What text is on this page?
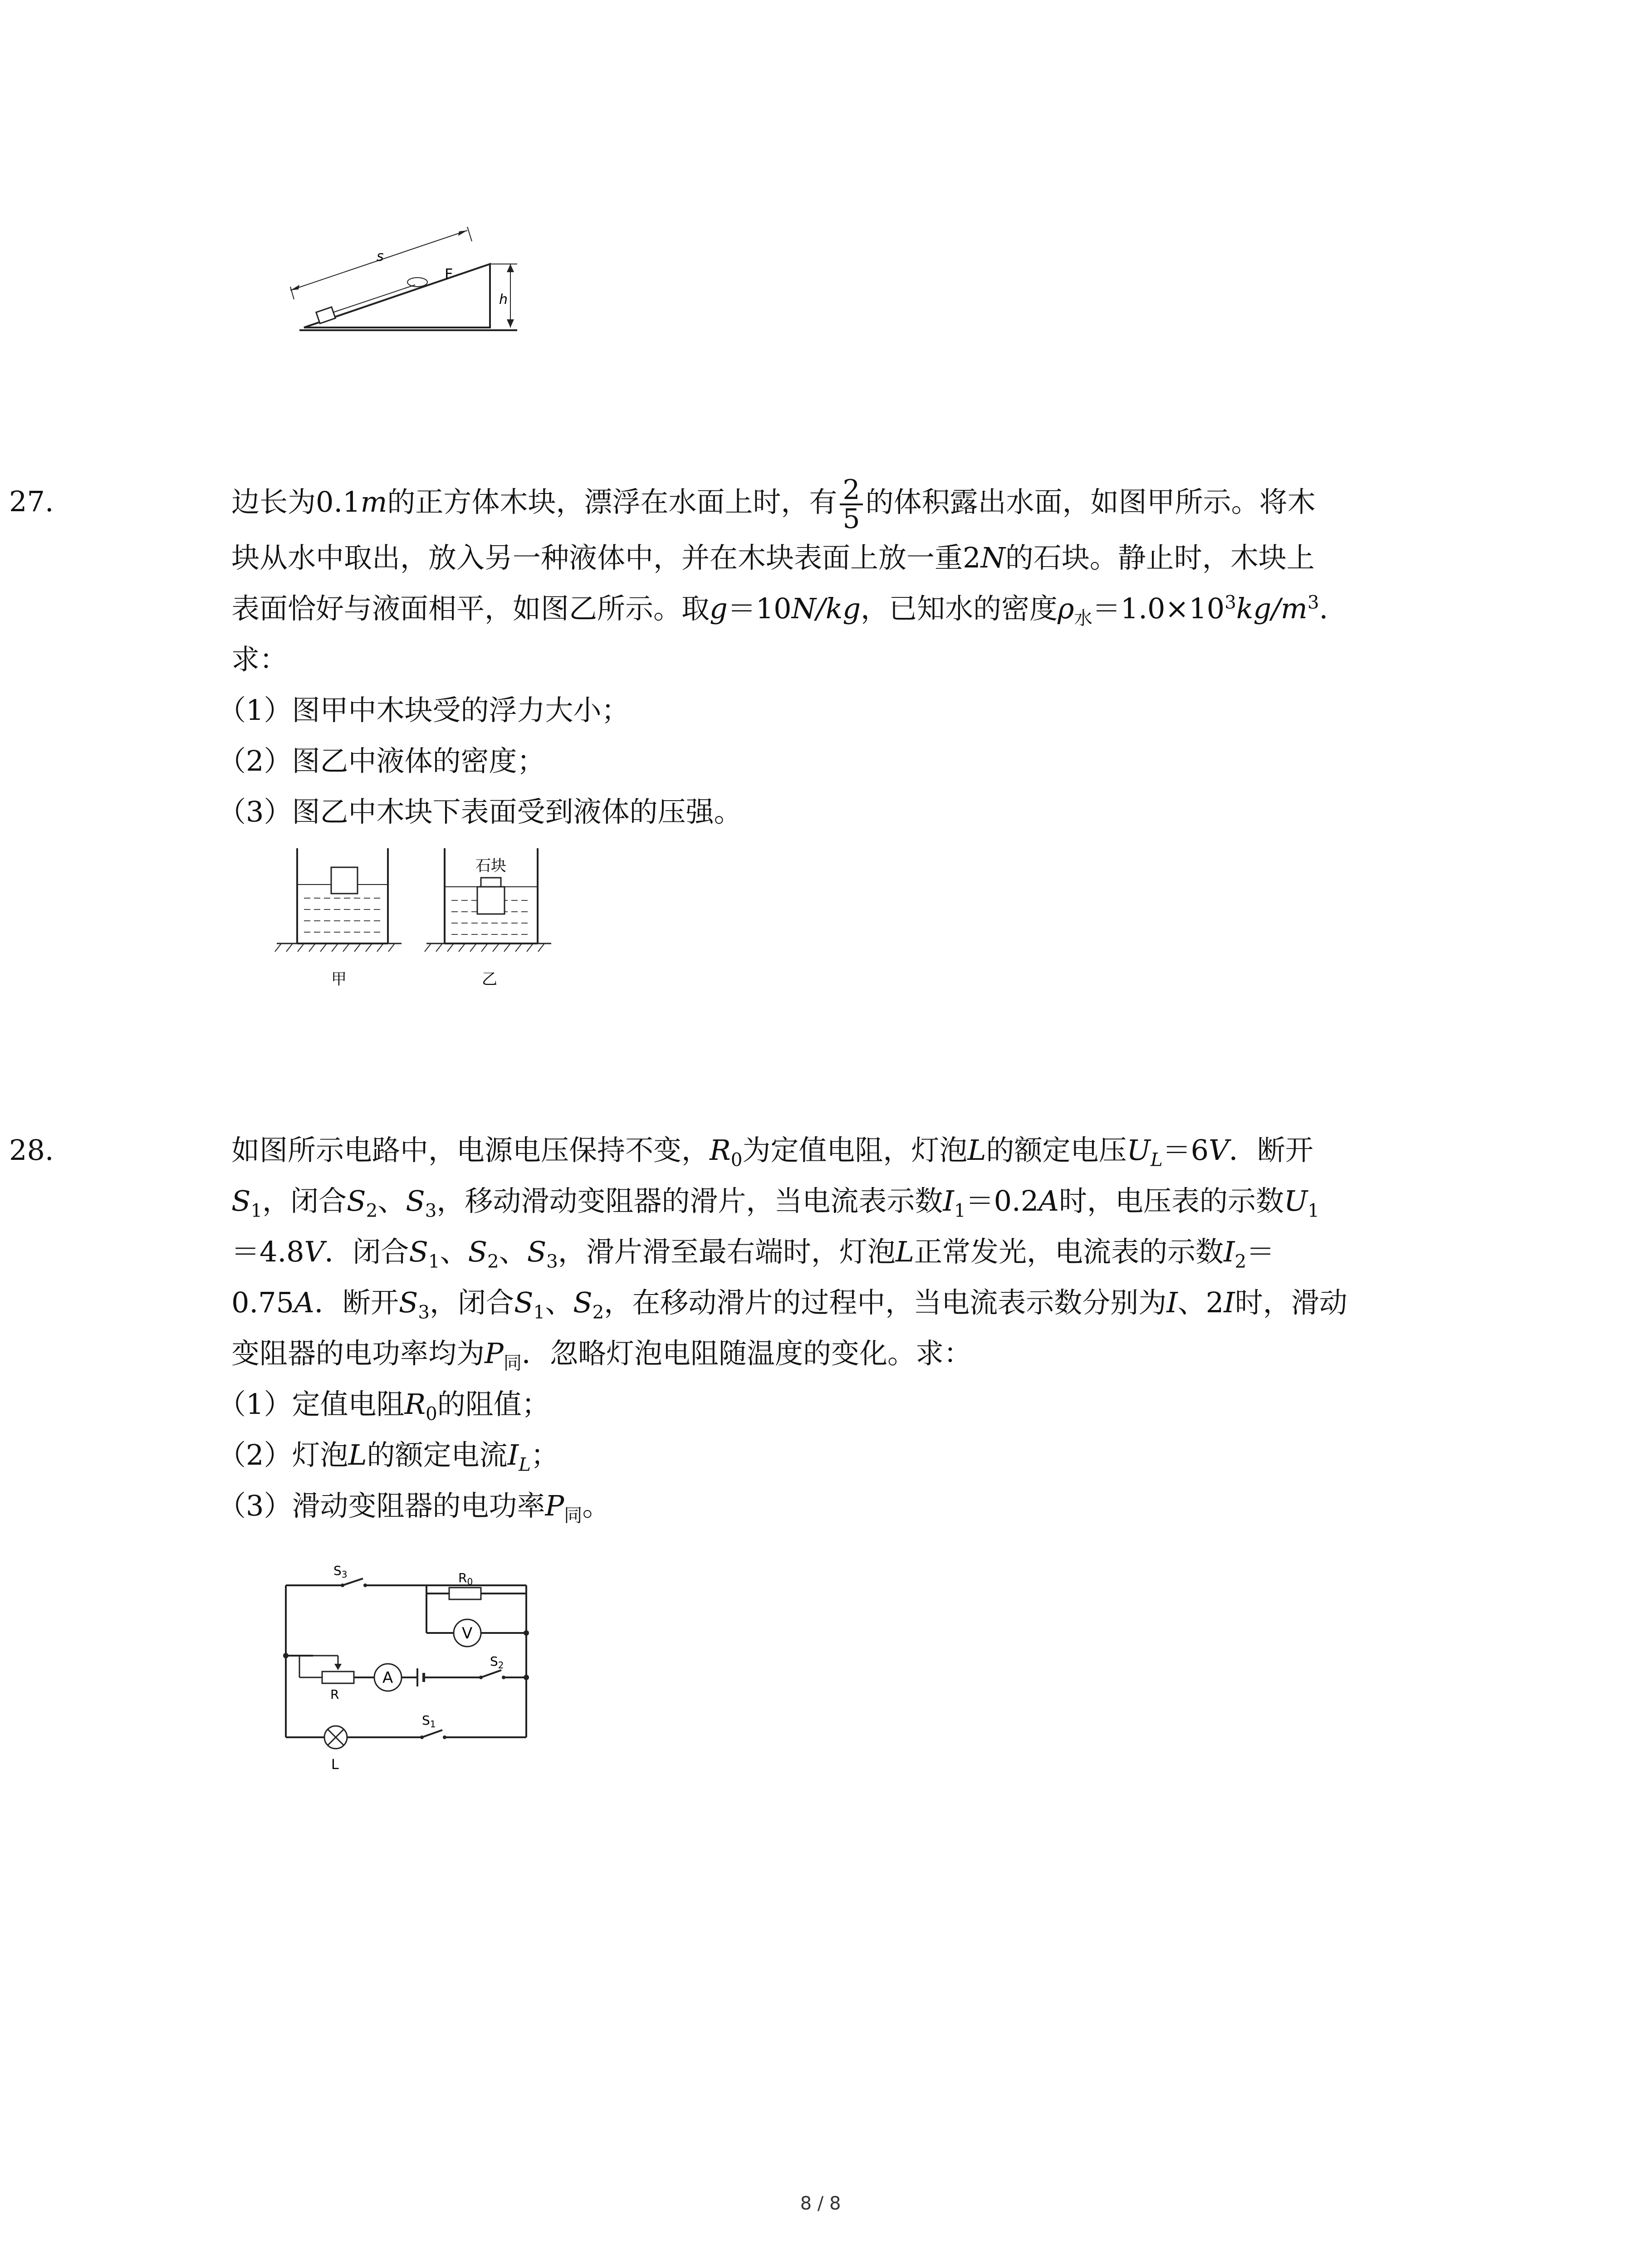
s
F
h
27.	边长为0.1m的正方体木块，漂浮在水面上时，有 $\frac{2}{5}$ 的体积露出水面，如图甲所示。将木
块从水中取出，放入另一种液体中，并在木块表面上放一重2N的石块。静止时，木块上
表面恰好与液面相平，如图乙所示。取g＝10N/kg，已知水的密度$\rho_水=1.0\times 10^3kg/m^3$.
求：
（1）图甲中木块受的浮力大小；
（2）图乙中液体的密度；
（3）图乙中木块下表面受到液体的压强。
甲
石块
乙
28.	如图所示电路中，电源电压保持不变，$R_0$为定值电阻，灯泡L的额定电压$U_L=6V$．断开
$S_1$，闭合$S_2$、$S_3$，移动滑动变阻器的滑片，当电流表示数$I_1=0.2A$时，电压表的示数$U_1$
＝4.8V．闭合$S_1$、$S_2$、$S_3$，滑片滑至最右端时，灯泡L正常发光，电流表的示数$I_2=$
0.75A．断开$S_3$，闭合$S_1$、$S_2$，在移动滑片的过程中，当电流表示数分别为I、2I时，滑动
变阻器的电功率均为$P_同$．忽略灯泡电阻随温度的变化。求：
（1）定值电阻$R_0$的阻值；
（2）灯泡L的额定电流$I_L$；
（3）滑动变阻器的电功率$P_同$。
$S_3$	$R_0$
V
R
A
$S_2$
L
$S_1$
8 / 8
